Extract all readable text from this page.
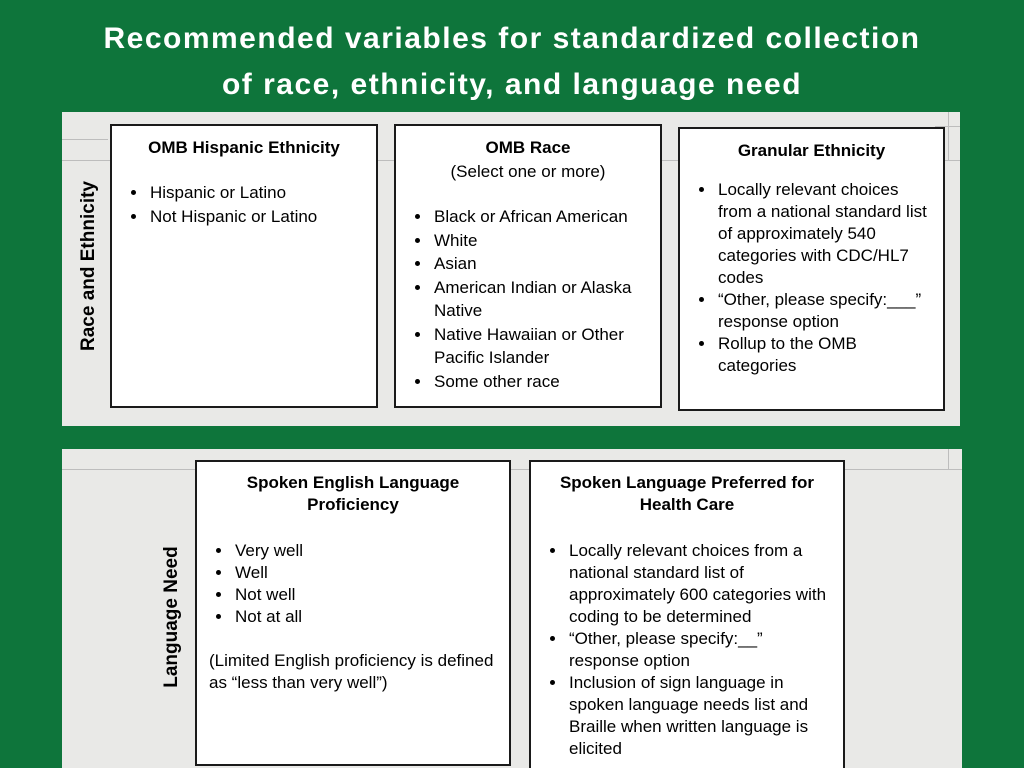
Recommended variables for standardized collection
of race, ethnicity, and language need
Race and Ethnicity
Language Need
OMB Hispanic Ethnicity
• Hispanic or Latino
• Not Hispanic or Latino
OMB Race
(Select one or more)
• Black or African American
• White
• Asian
• American Indian or Alaska Native
• Native Hawaiian or Other Pacific Islander
• Some other race
Granular Ethnicity
• Locally relevant choices from a national standard list of approximately 540 categories with CDC/HL7 codes
• “Other, please specify:___” response option
• Rollup to the OMB categories
Spoken English Language Proficiency
• Very well
• Well
• Not well
• Not at all
(Limited English proficiency is defined as “less than very well”)
Spoken Language Preferred for Health Care
• Locally relevant choices from a national standard list of approximately 600 categories with coding to be determined
• “Other, please specify:__” response option
• Inclusion of sign language in spoken language needs list and Braille when written language is elicited
